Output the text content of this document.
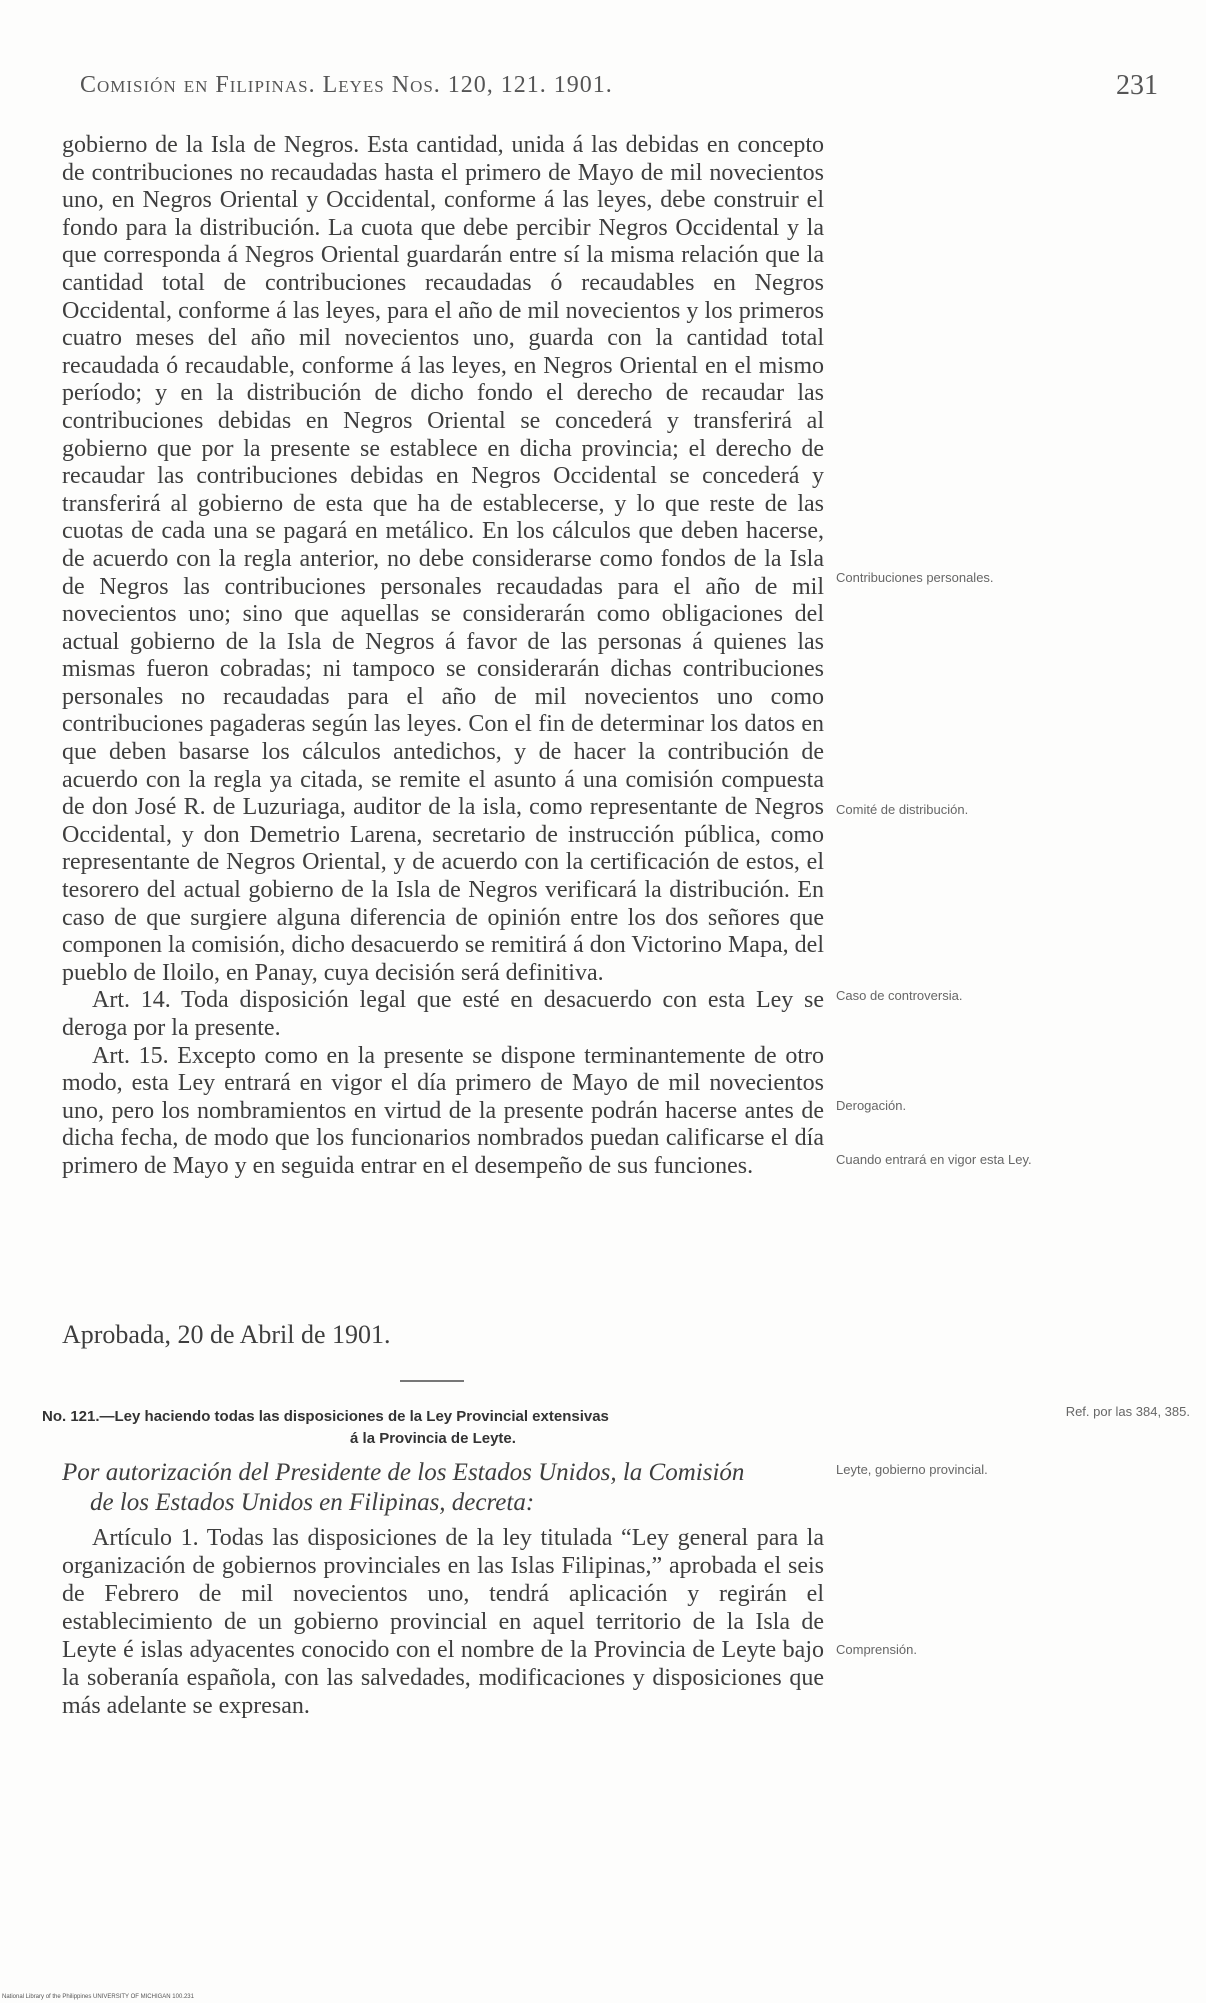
Comisión en Filipinas. Leyes Nos. 120, 121. 1901.	231

gobierno de la Isla de Negros. Esta cantidad, unida á las debidas en concepto de contribuciones no recaudadas hasta el primero de Mayo de mil novecientos uno, en Negros Oriental y Occidental, conforme á las leyes, debe construir el fondo para la distribución. La cuota que debe percibir Negros Occidental y la que corresponda á Negros Oriental guardarán entre sí la misma relación que la cantidad total de contribuciones recaudadas ó recaudables en Negros Occidental, conforme á las leyes, para el año de mil novecientos y los primeros cuatro meses del año mil novecientos uno, guarda con la cantidad total recaudada ó recaudable, conforme á las leyes, en Negros Oriental en el mismo período; y en la distribución de dicho fondo el derecho de recaudar las contribuciones debidas en Negros Oriental se concederá y transferirá al gobierno que por la presente se establece en dicha provincia; el derecho de recaudar las contribuciones debidas en Negros Occidental se concederá y transferirá al gobierno de esta que ha de establecerse, y lo que reste de las cuotas de cada una se pagará en metálico. En los cálculos que deben hacerse, de acuerdo con la regla anterior, no debe considerarse como fondos de la Isla de Negros las contribuciones personales recaudadas para el año de mil novecientos uno; sino que aquellas se considerarán como obligaciones del actual gobierno de la Isla de Negros á favor de las personas á quienes las mismas fueron cobradas; ni tampoco se considerarán dichas contribuciones personales no recaudadas para el año de mil novecientos uno como contribuciones pagaderas según las leyes. Con el fin de determinar los datos en que deben basarse los cálculos antedichos, y de hacer la contribución de acuerdo con la regla ya citada, se remite el asunto á una comisión compuesta de don José R. de Luzuriaga, auditor de la isla, como representante de Negros Occidental, y don Demetrio Larena, secretario de instrucción pública, como representante de Negros Oriental, y de acuerdo con la certificación de estos, el tesorero del actual gobierno de la Isla de Negros verificará la distribución. En caso de que surgiere alguna diferencia de opinión entre los dos señores que componen la comisión, dicho desacuerdo se remitirá á don Victorino Mapa, del pueblo de Iloilo, en Panay, cuya decisión será definitiva.

Art. 14. Toda disposición legal que esté en desacuerdo con esta Ley se deroga por la presente.

Art. 15. Excepto como en la presente se dispone terminantemente de otro modo, esta Ley entrará en vigor el día primero de Mayo de mil novecientos uno, pero los nombramientos en virtud de la presente podrán hacerse antes de dicha fecha, de modo que los funcionarios nombrados puedan calificarse el día primero de Mayo y en seguida entrar en el desempeño de sus funciones.

Aprobada, 20 de Abril de 1901.
No. 121.—Ley haciendo todas las disposiciones de la Ley Provincial extensivas
á la Provincia de Leyte.
Por autorización del Presidente de los Estados Unidos, la Comisión
de los Estados Unidos en Filipinas, decreta:

Artículo 1. Todas las disposiciones de la ley titulada “Ley general para la organización de gobiernos provinciales en las Islas Filipinas,” aprobada el seis de Febrero de mil novecientos uno, tendrá aplicación y regirán el establecimiento de un gobierno provincial en aquel territorio de la Isla de Leyte é islas adyacentes conocido con el nombre de la Provincia de Leyte bajo la soberanía española, con las salvedades, modificaciones y disposiciones que más adelante se expresan.

Contribuciones personales.
Comité de distribución.
Caso de controversia.
Derogación.
Cuando entrará en vigor esta Ley.
Ref. por las 384, 385.
Leyte, gobierno provincial.
Comprensión.
National Library of the Philippines UNIVERSITY OF MICHIGAN 100.231
